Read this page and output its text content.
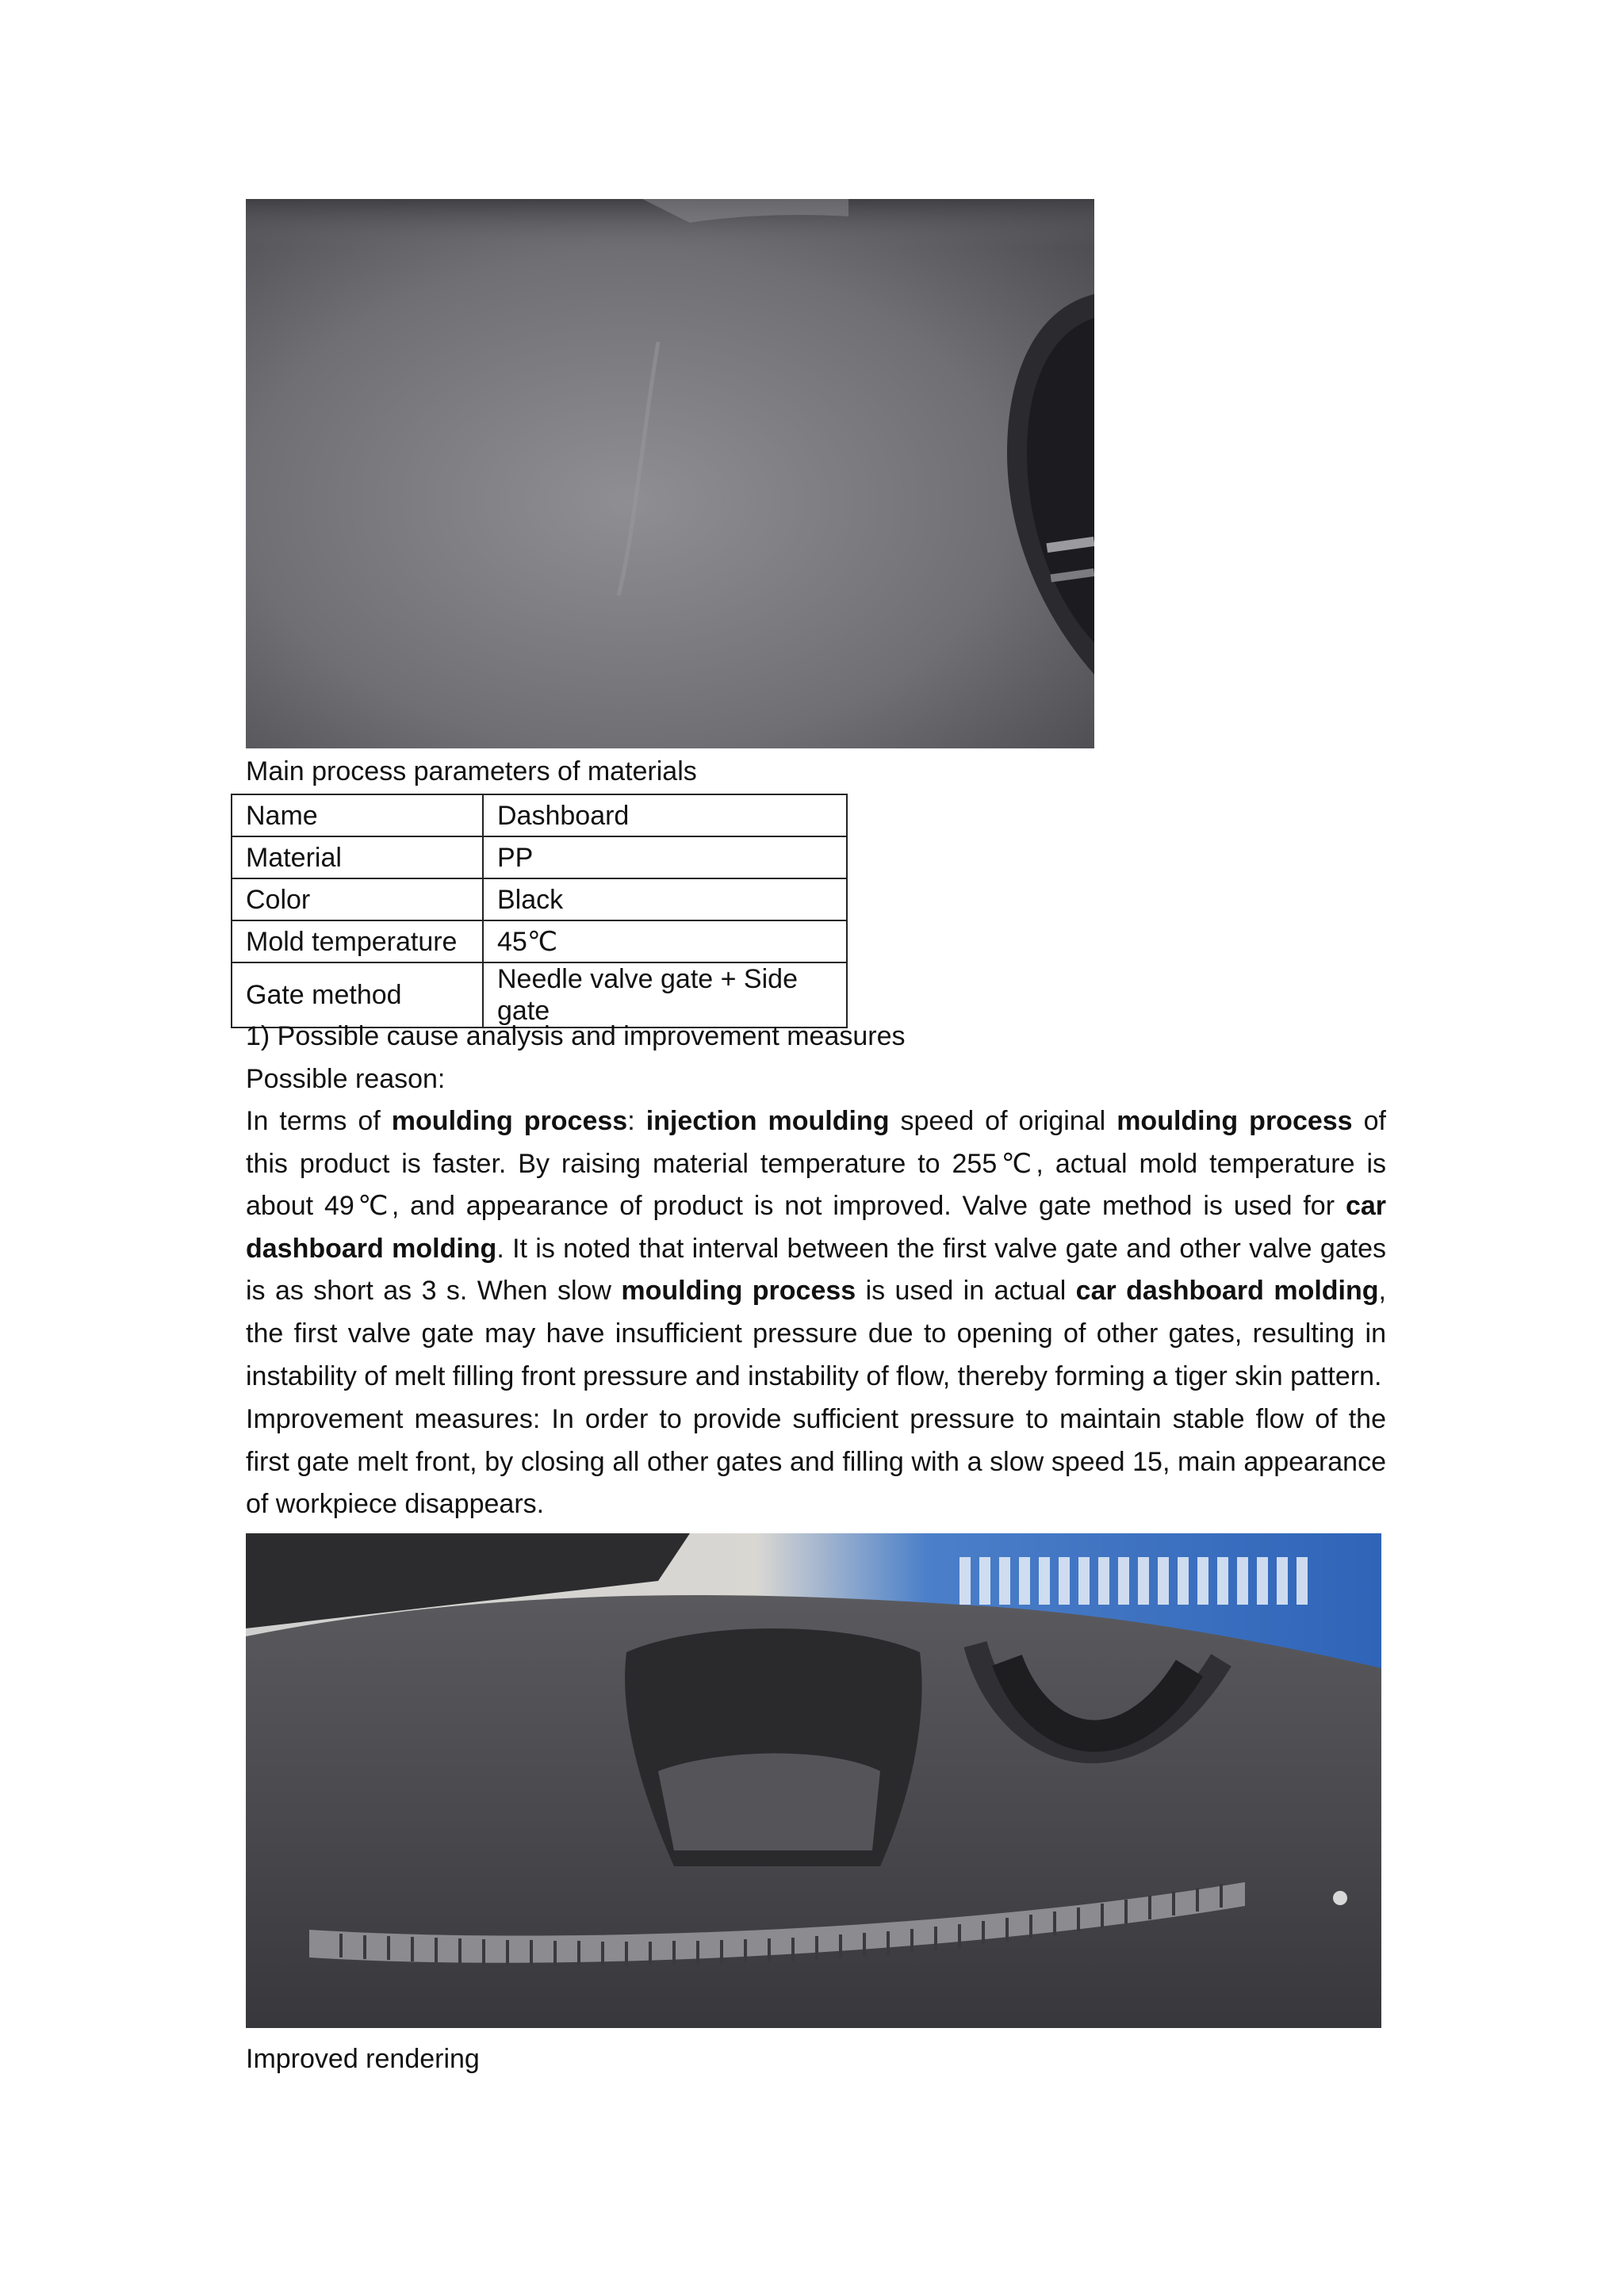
Main process parameters of materials
Name	Dashboard
Material	PP
Color	Black
Mold temperature	45℃
Gate method	Needle valve gate + Side gate
1) Possible cause analysis and improvement measures
Possible reason:

In terms of moulding process: injection moulding speed of original moulding process of this product is faster. By raising material temperature to 255℃, actual mold temperature is about 49℃, and appearance of product is not improved. Valve gate method is used for car dashboard molding. It is noted that interval between the first valve gate and other valve gates is as short as 3 s. When slow moulding process is used in actual car dashboard molding, the first valve gate may have insufficient pressure due to opening of other gates, resulting in instability of melt filling front pressure and instability of flow, thereby forming a tiger skin pattern.

Improvement measures: In order to provide sufficient pressure to maintain stable flow of the first gate melt front, by closing all other gates and filling with a slow speed 15, main appearance of workpiece disappears.

Improved rendering
